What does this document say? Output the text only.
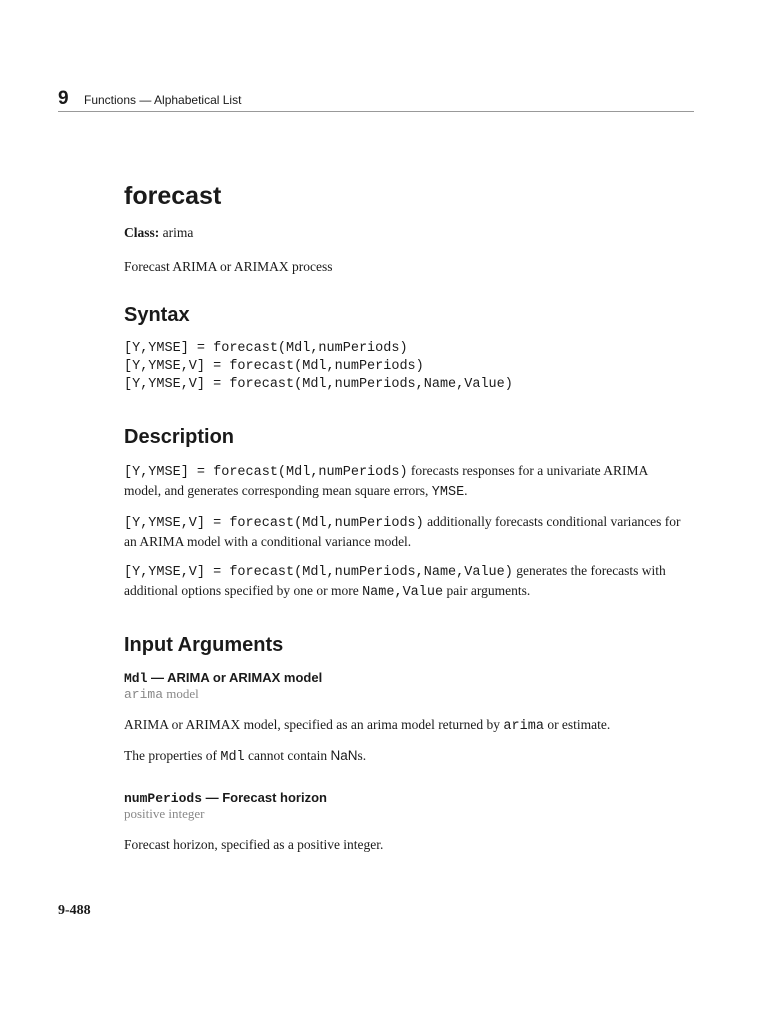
9 Functions — Alphabetical List
forecast
Class: arima
Forecast ARIMA or ARIMAX process
Syntax
[Y,YMSE] = forecast(Mdl,numPeriods)
[Y,YMSE,V] = forecast(Mdl,numPeriods)
[Y,YMSE,V] = forecast(Mdl,numPeriods,Name,Value)
Description
[Y,YMSE] = forecast(Mdl,numPeriods) forecasts responses for a univariate ARIMA model, and generates corresponding mean square errors, YMSE.
[Y,YMSE,V] = forecast(Mdl,numPeriods) additionally forecasts conditional variances for an ARIMA model with a conditional variance model.
[Y,YMSE,V] = forecast(Mdl,numPeriods,Name,Value) generates the forecasts with additional options specified by one or more Name,Value pair arguments.
Input Arguments
Mdl — ARIMA or ARIMAX model
arima model
ARIMA or ARIMAX model, specified as an arima model returned by arima or estimate.
The properties of Mdl cannot contain NaNs.
numPeriods — Forecast horizon
positive integer
Forecast horizon, specified as a positive integer.
9-488
